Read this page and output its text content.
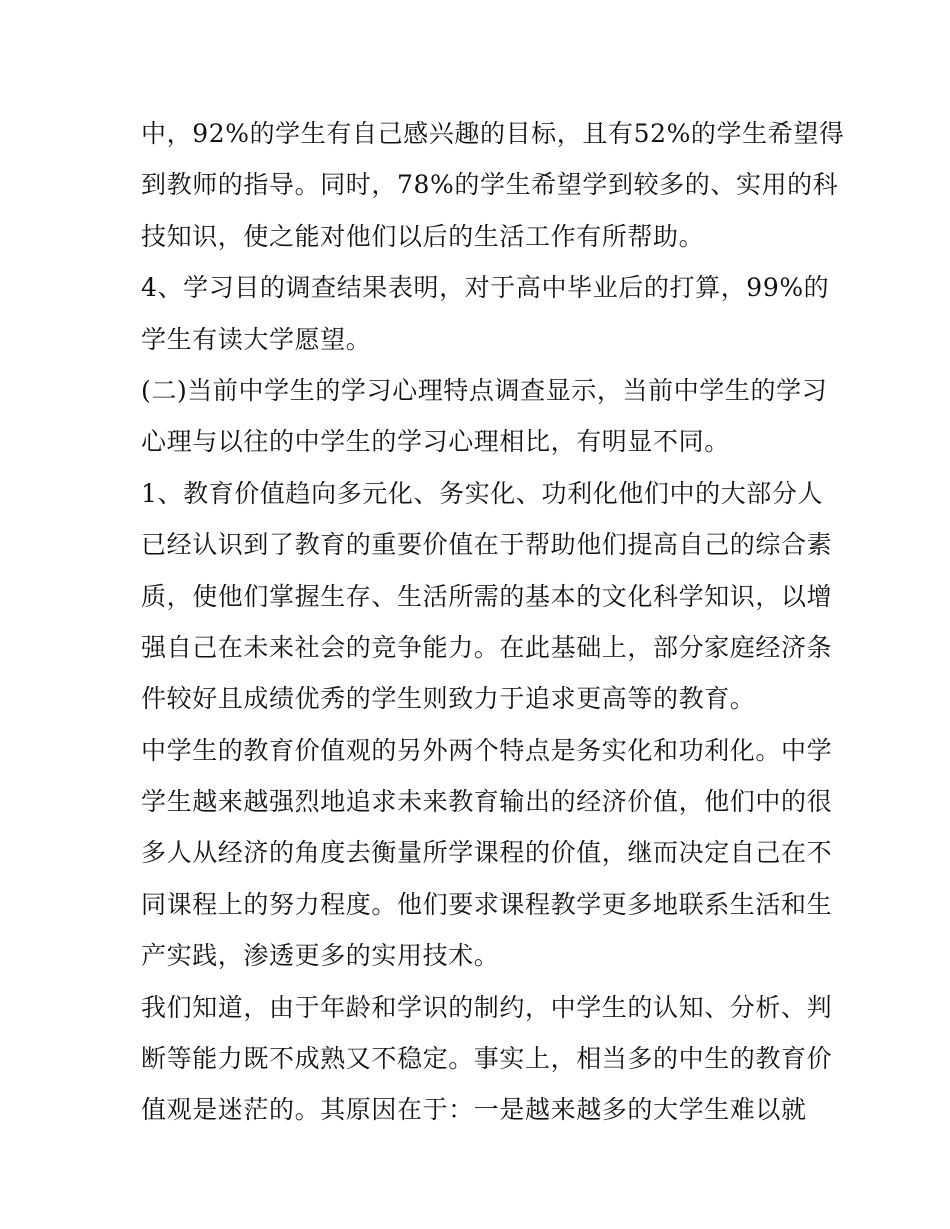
中，92%的学生有自己感兴趣的目标，且有52%的学生希望得
到教师的指导。同时，78%的学生希望学到较多的、实用的科
技知识，使之能对他们以后的生活工作有所帮助。
4、学习目的调查结果表明，对于高中毕业后的打算，99%的
学生有读大学愿望。
(二)当前中学生的学习心理特点调查显示，当前中学生的学习
心理与以往的中学生的学习心理相比，有明显不同。
1、教育价值趋向多元化、务实化、功利化他们中的大部分人
已经认识到了教育的重要价值在于帮助他们提高自己的综合素
质，使他们掌握生存、生活所需的基本的文化科学知识，以增
强自己在未来社会的竞争能力。在此基础上，部分家庭经济条
件较好且成绩优秀的学生则致力于追求更高等的教育。
中学生的教育价值观的另外两个特点是务实化和功利化。中学
学生越来越强烈地追求未来教育输出的经济价值，他们中的很
多人从经济的角度去衡量所学课程的价值，继而决定自己在不
同课程上的努力程度。他们要求课程教学更多地联系生活和生
产实践，渗透更多的实用技术。
我们知道，由于年龄和学识的制约，中学生的认知、分析、判
断等能力既不成熟又不稳定。事实上，相当多的中生的教育价
值观是迷茫的。其原因在于：一是越来越多的大学生难以就
